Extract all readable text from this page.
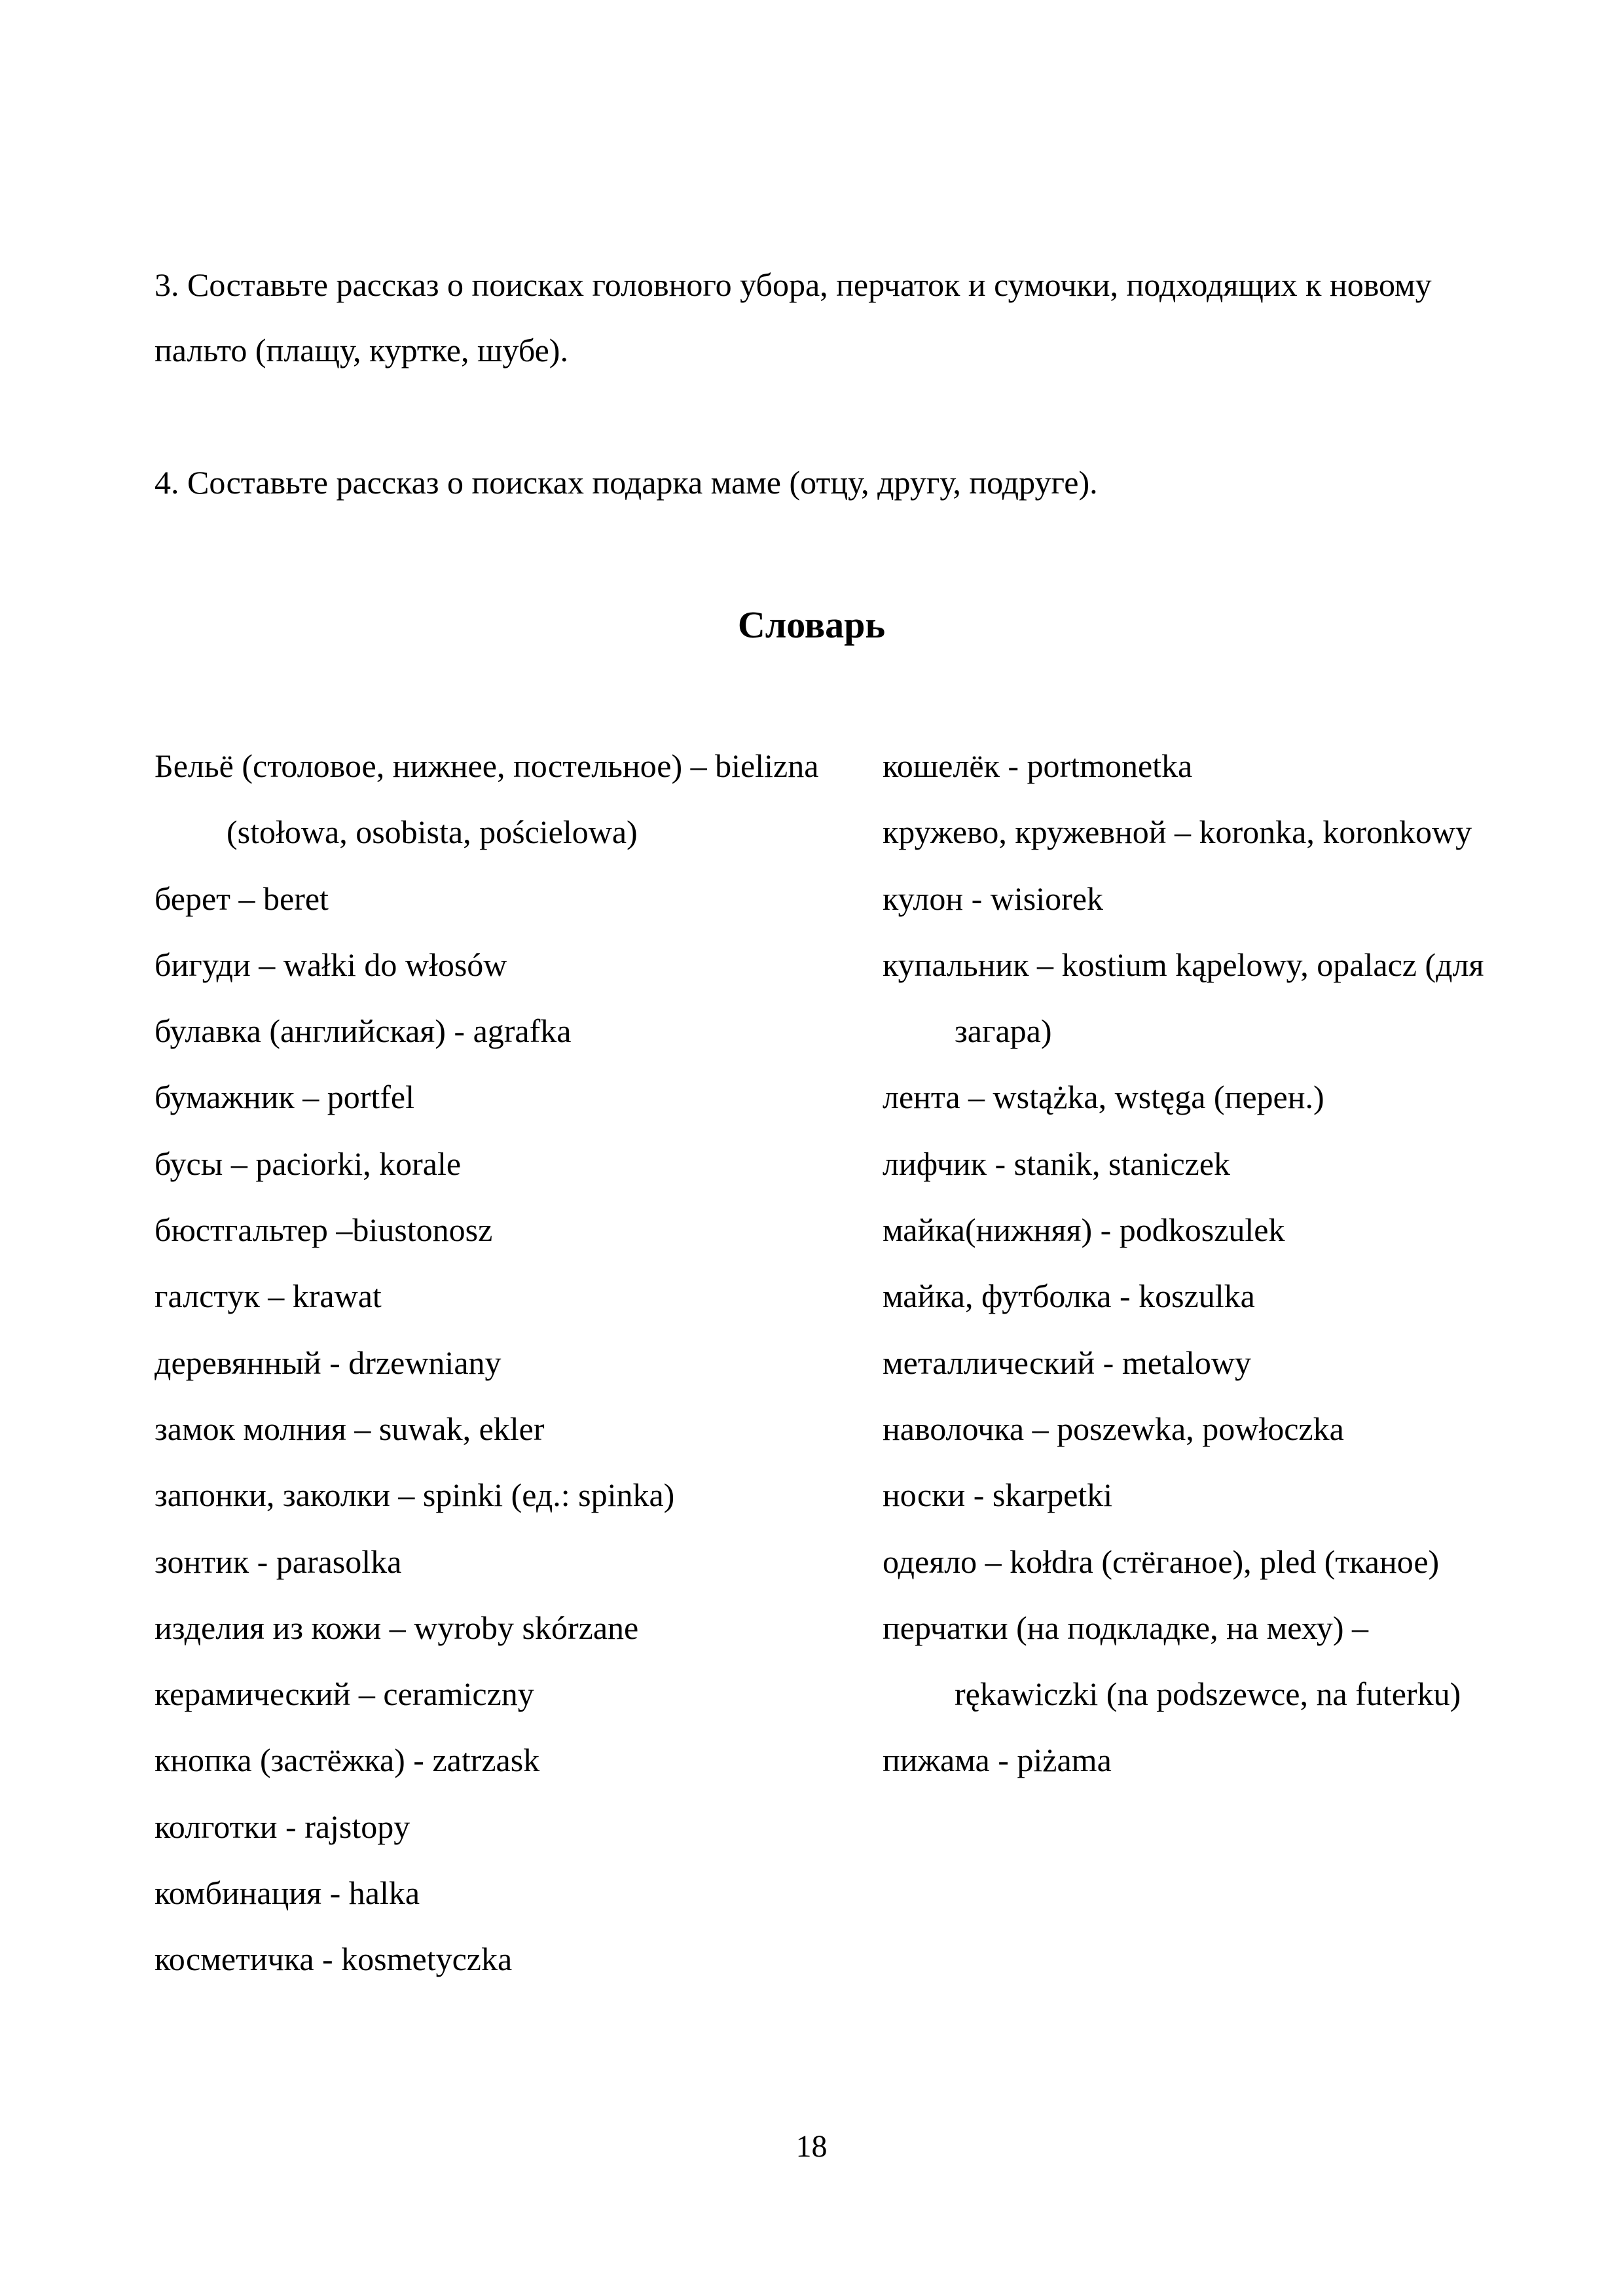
3. Составьте рассказ о поисках головного убора, перчаток и сумочки, подходящих к новому пальто (плащу, куртке, шубе).

4. Составьте рассказ о поисках подарка маме (отцу, другу, подруге).

Словарь
Бельё (столовое, нижнее, постельное) – bielizna (stołowa, osobista, pościelowa)
берет – beret
бигуди – wałki do włosów
булавка (английская) - agrafka
бумажник – portfel
бусы – paciorki, korale
бюстгальтер –biustonosz
галстук – krawat
деревянный - drzewniany
замок молния – suwak, ekler
запонки, заколки – spinki (ед.: spinka)
зонтик - parasolka
изделия из кожи – wyroby skórzane
керамический – ceramiczny
кнопка (застёжка) - zatrzask
колготки - rajstopy
комбинация - halka
косметичка - kosmetyczka
кошелёк - portmonetka
кружево, кружевной – koronka, koronkowy
кулон - wisiorek
купальник – kostium kąpelowy, opalacz (для загара)
лента – wstążka, wstęga (перен.)
лифчик - stanik, staniczek
майка(нижняя) - podkoszulek
майка, футболка - koszulka
металлический - metalowy
наволочка – poszewka, powłoczka
носки - skarpetki
одеяло – kołdra (стёганое), pled (тканое)
перчатки (на подкладке, на меху) – rękawiczki (na podszewce, na futerku)
пижама - piżama

18
